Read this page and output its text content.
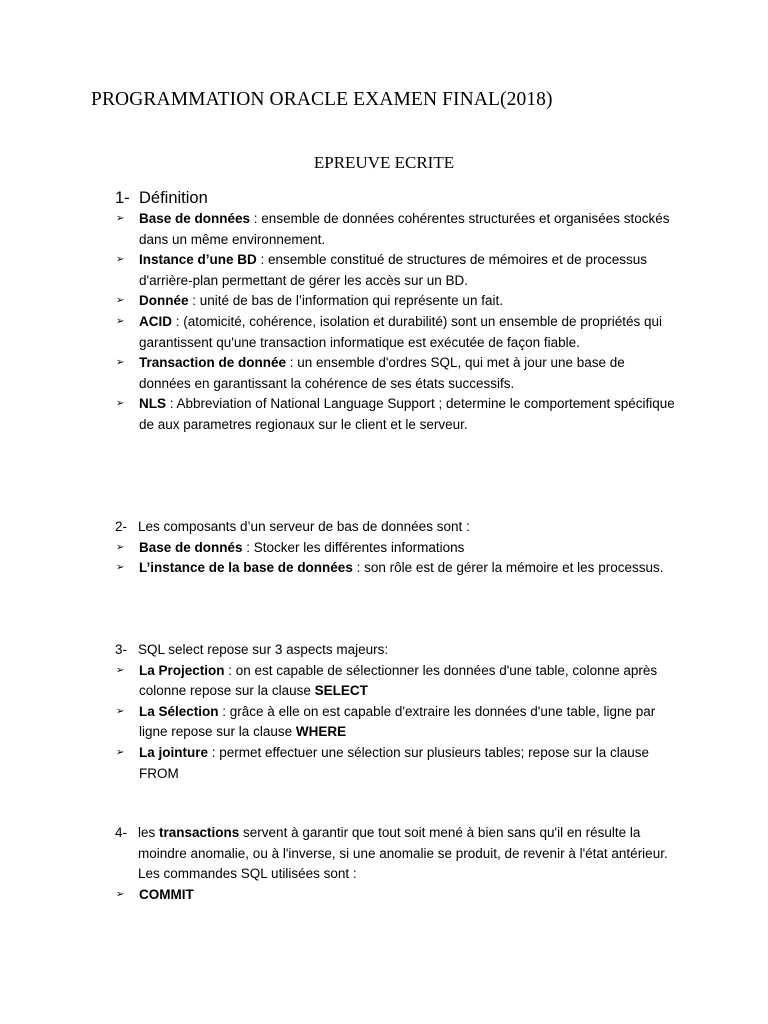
PROGRAMMATION ORACLE EXAMEN FINAL(2018)
EPREUVE ECRITE
1- Définition
➢	Base de données : ensemble de données cohérentes structurées et organisées stockés dans un même environnement.
➢	Instance d’une BD : ensemble constitué de structures de mémoires et de processus d'arrière-plan permettant de gérer les accès sur un BD.
➢	Donnée : unité de bas de l’information qui représente un fait.
➢	ACID : (atomicité, cohérence, isolation et durabilité) sont un ensemble de propriétés qui garantissent qu'une transaction informatique est exécutée de façon fiable.
➢	Transaction de donnée : un ensemble d'ordres SQL, qui met à jour une base de données en garantissant la cohérence de ses états successifs.
➢	NLS : Abbreviation of National Language Support ; determine le comportement spécifique de aux parametres regionaux sur le client et le serveur.
2- Les composants d’un serveur de bas de données sont :
➢	Base de donnés : Stocker les différentes informations
➢	L’instance de la base de données : son rôle est de gérer la mémoire et les processus.
3- SQL select repose sur 3 aspects majeurs:
➢	La Projection : on est capable de sélectionner les données d'une table, colonne après colonne repose sur la clause SELECT
➢	La Sélection : grâce à elle on est capable d'extraire les données d'une table, ligne par ligne repose sur la clause WHERE
➢	La jointure : permet effectuer une sélection sur plusieurs tables; repose sur la clause FROM
4- les transactions servent à garantir que tout soit mené à bien sans qu'il en résulte la moindre anomalie, ou à l'inverse, si une anomalie se produit, de revenir à l'état antérieur.
Les commandes SQL utilisées sont :
➢	COMMIT
